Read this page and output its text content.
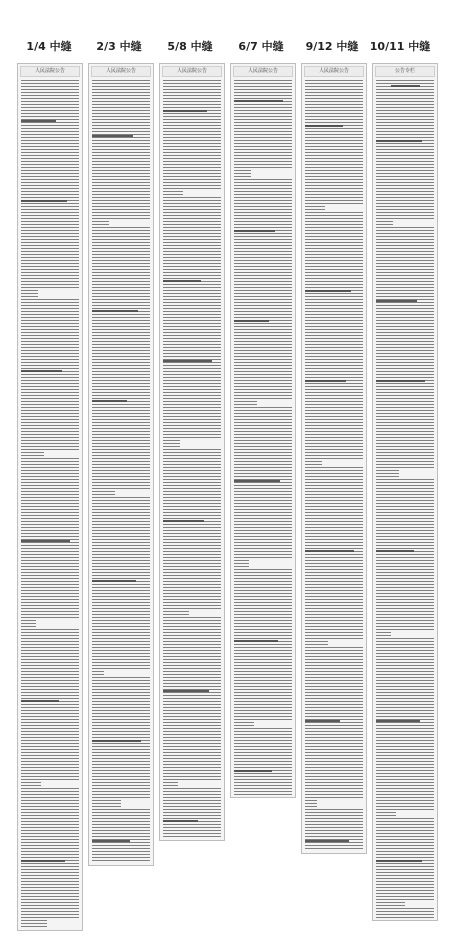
1/4 中缝
人民法院公告
2/3 中缝
人民法院公告
5/8 中缝
人民法院公告
6/7 中缝
人民法院公告
9/12 中缝
人民法院公告
10/11 中缝
公告专栏
